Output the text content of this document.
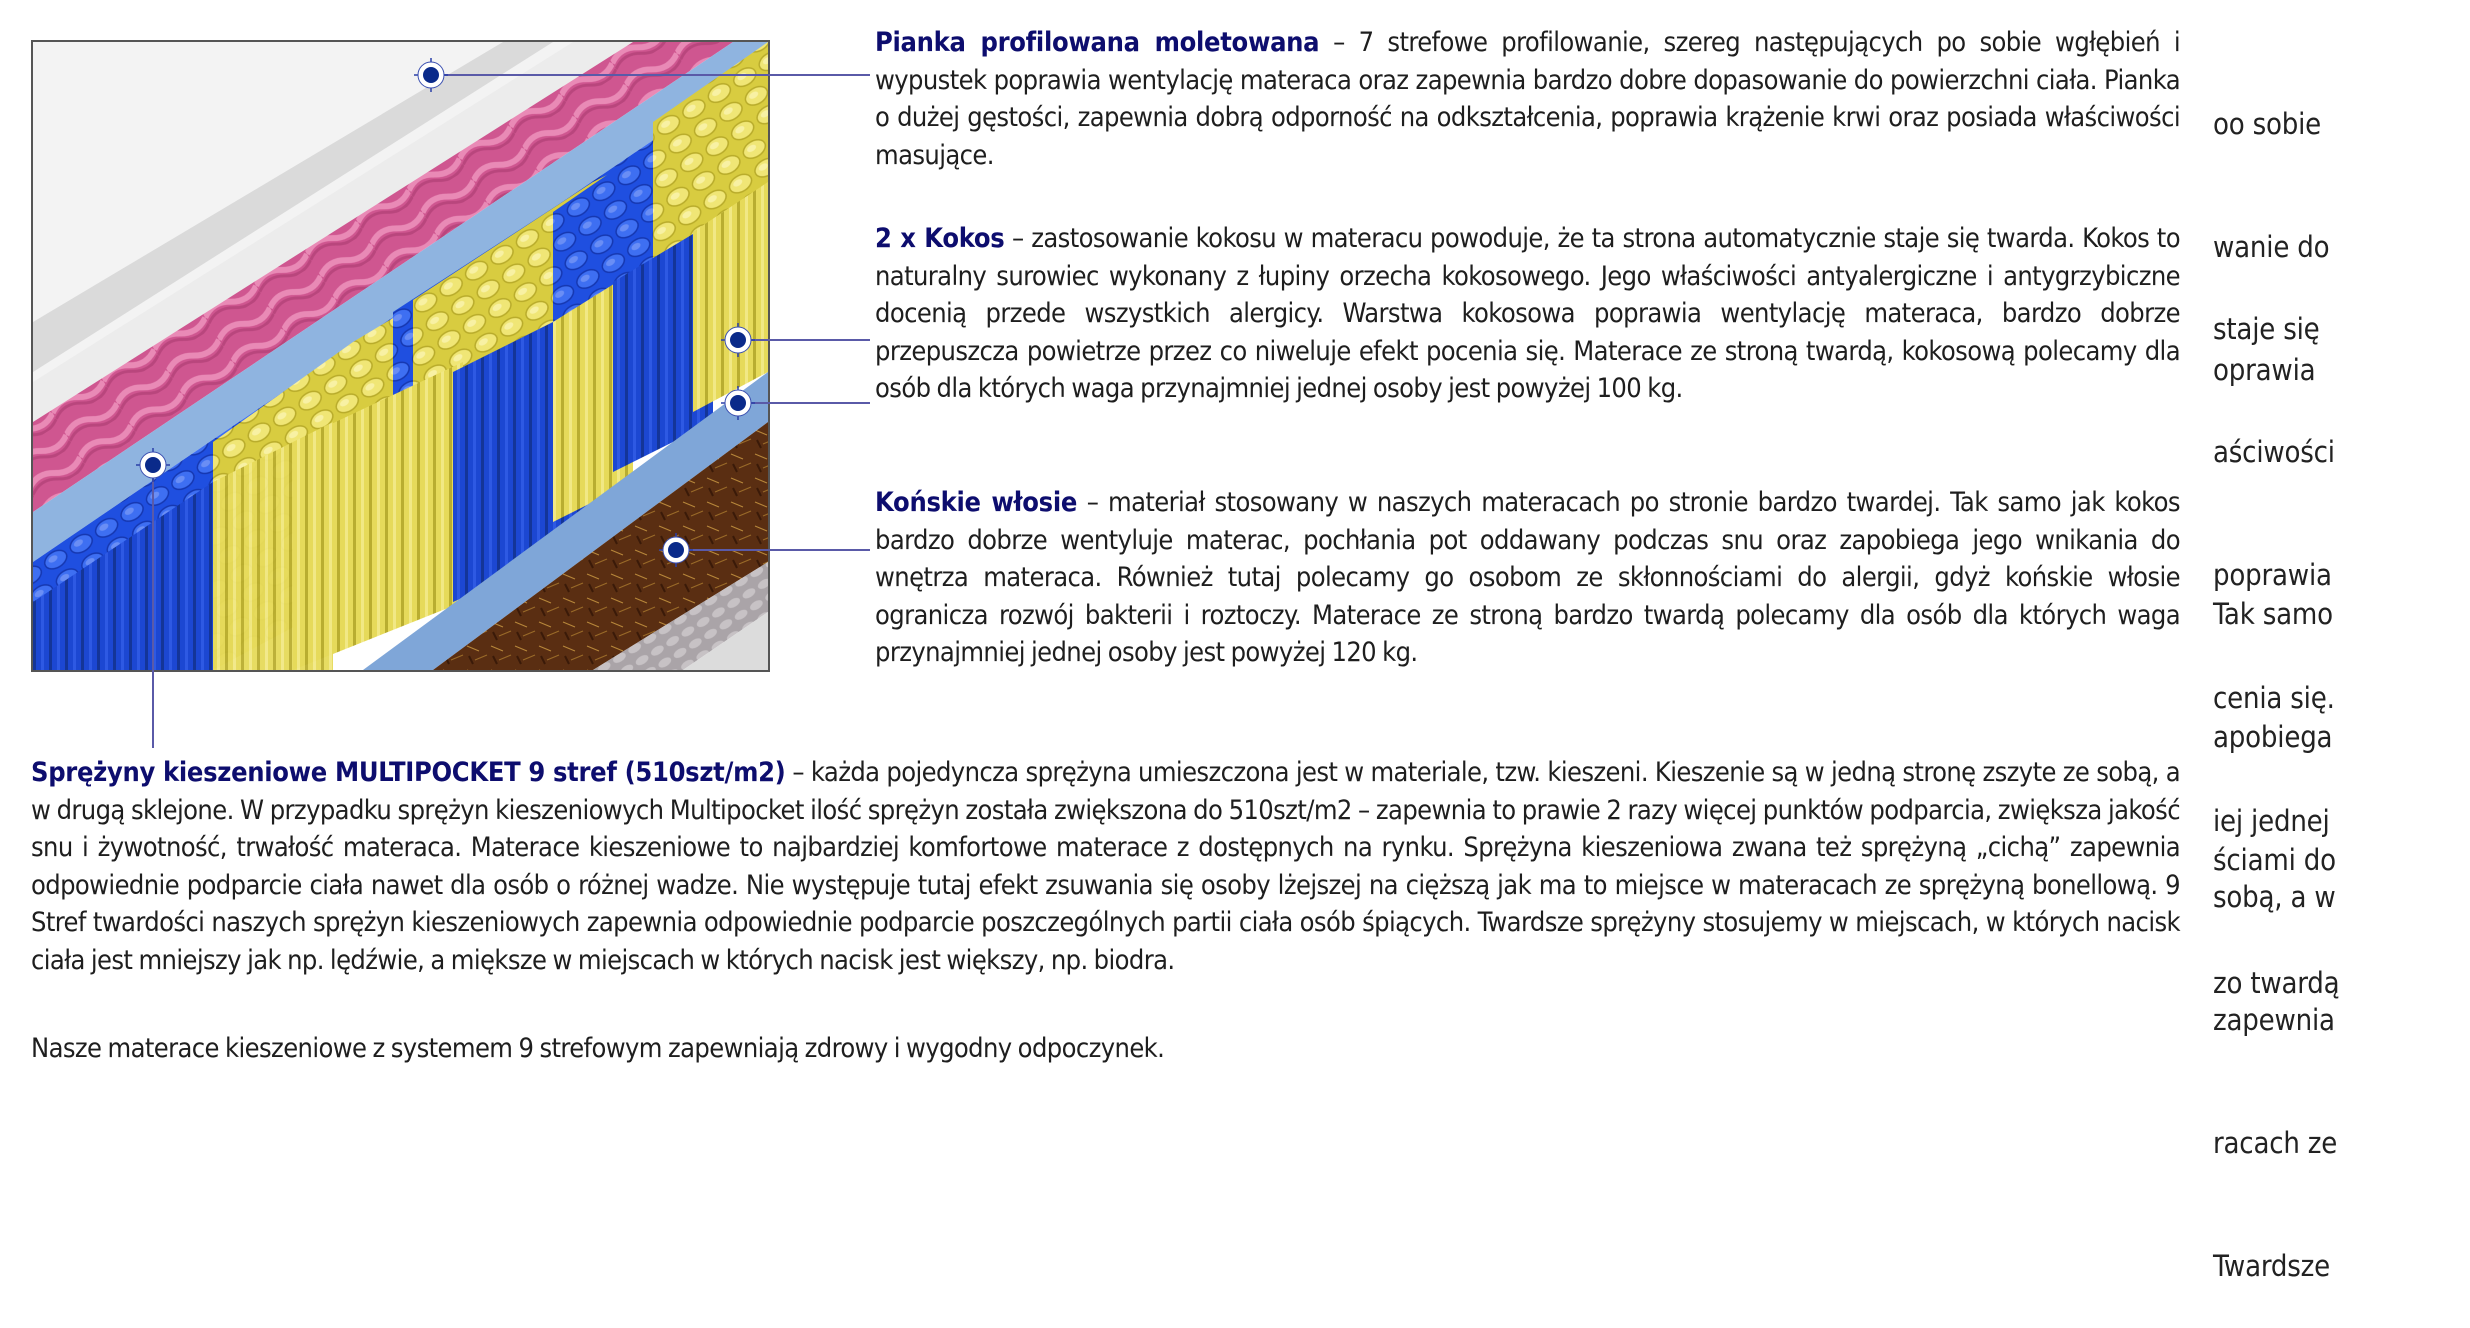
Pianka profilowana moletowana – 7 strefowe profilowanie, szereg następujących po sobie wgłębień i wypustek poprawia wentylację materaca oraz zapewnia bardzo dobre dopasowanie do powierzchni ciała. Pianka o dużej gęstości, zapewnia dobrą odporność na odkształcenia, poprawia krążenie krwi oraz posiada właściwości masujące.

2 x Kokos – zastosowanie kokosu w materacu powoduje, że ta strona automatycznie staje się twarda. Kokos to naturalny surowiec wykonany z łupiny orzecha kokosowego. Jego właściwości antyalergiczne i antygrzybiczne docenią przede wszystkich alergicy. Warstwa kokosowa poprawia wentylację materaca, bardzo dobrze przepuszcza powietrze przez co niweluje efekt pocenia się. Materace ze stroną twardą, kokosową polecamy dla osób dla których waga przynajmniej jednej osoby jest powyżej 100 kg.

Końskie włosie – materiał stosowany w naszych materacach po stronie bardzo twardej. Tak samo jak kokos bardzo dobrze wentyluje materac, pochłania pot oddawany podczas snu oraz zapobiega jego wnikania do wnętrza materaca. Również tutaj polecamy go osobom ze skłonnościami do alergii, gdyż końskie włosie ogranicza rozwój bakterii i roztoczy. Materace ze stroną bardzo twardą polecamy dla osób dla których waga przynajmniej jednej osoby jest powyżej 120 kg.

Sprężyny kieszeniowe MULTIPOCKET 9 stref (510szt/m2) – każda pojedyncza sprężyna umieszczona jest w materiale, tzw. kieszeni. Kieszenie są w jedną stronę zszyte ze sobą, a w drugą sklejone. W przypadku sprężyn kieszeniowych Multipocket ilość sprężyn została zwiększona do 510szt/m2 – zapewnia to prawie 2 razy więcej punktów podparcia, zwiększa jakość snu i żywotność, trwałość materaca. Materace kieszeniowe to najbardziej komfortowe materace z dostępnych na rynku. Sprężyna kieszeniowa zwana też sprężyną „cichą” zapewnia odpowiednie podparcie ciała nawet dla osób o różnej wadze. Nie występuje tutaj efekt zsuwania się osoby lżejszej na cięższą jak ma to miejsce w materacach ze sprężyną bonellową. 9 Stref twardości naszych sprężyn kieszeniowych zapewnia odpowiednie podparcie poszczególnych partii ciała osób śpiących. Twardsze sprężyny stosujemy w miejscach, w których nacisk ciała jest mniejszy jak np. lędźwie, a miększe w miejscach w których nacisk jest większy, np. biodra.

Nasze materace kieszeniowe z systemem 9 strefowym zapewniają zdrowy i wygodny odpoczynek.

oo sobie

wanie do

oprawia

staje się

aściwości

poprawia

cenia się.

iej jednej

Tak samo

apobiega

ściami do

zo twardą

sobą, a w

zapewnia

racach ze

Twardsze
